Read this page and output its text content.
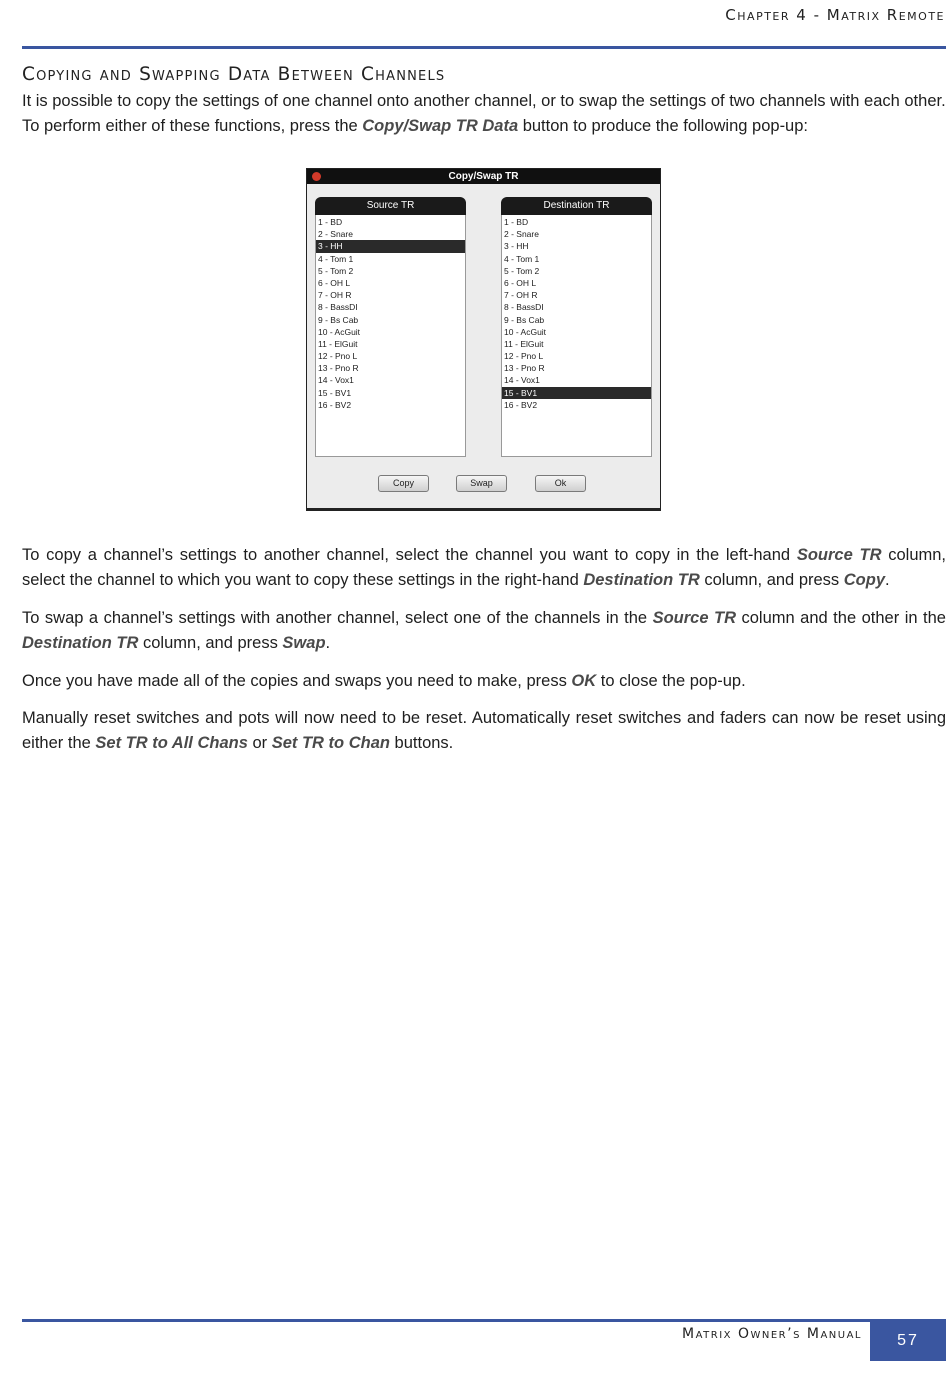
Chapter 4 - Matrix Remote
Copying and Swapping Data Between Channels
It is possible to copy the settings of one channel onto another channel, or to swap the settings of two channels with each other.
To perform either of these functions, press the Copy/Swap TR Data button to produce the following pop-up:
Copy/Swap TR
Source TR
1 - BD
2 - Snare
3 - HH
4 - Tom 1
5 - Tom 2
6 - OH L
7 - OH R
8 - BassDI
9 - Bs Cab
10 - AcGuit
11 - ElGuit
12 - Pno L
13 - Pno R
14 - Vox1
15 - BV1
16 - BV2
Destination TR
1 - BD
2 - Snare
3 - HH
4 - Tom 1
5 - Tom 2
6 - OH L
7 - OH R
8 - BassDI
9 - Bs Cab
10 - AcGuit
11 - ElGuit
12 - Pno L
13 - Pno R
14 - Vox1
15 - BV1
16 - BV2
Copy	Swap	Ok
To copy a channel’s settings to another channel, select the channel you want to copy in the left-hand Source TR column, select the channel to which you want to copy these settings in the right-hand Destination TR column, and press Copy.
To swap a channel’s settings with another channel, select one of the channels in the Source TR column and the other in the Destination TR column, and press Swap.
Once you have made all of the copies and swaps you need to make, press OK to close the pop-up.
Manually reset switches and pots will now need to be reset. Automatically reset switches and faders can now be reset using either the Set TR to All Chans or Set TR to Chan buttons.
Matrix Owner’s Manual	57
